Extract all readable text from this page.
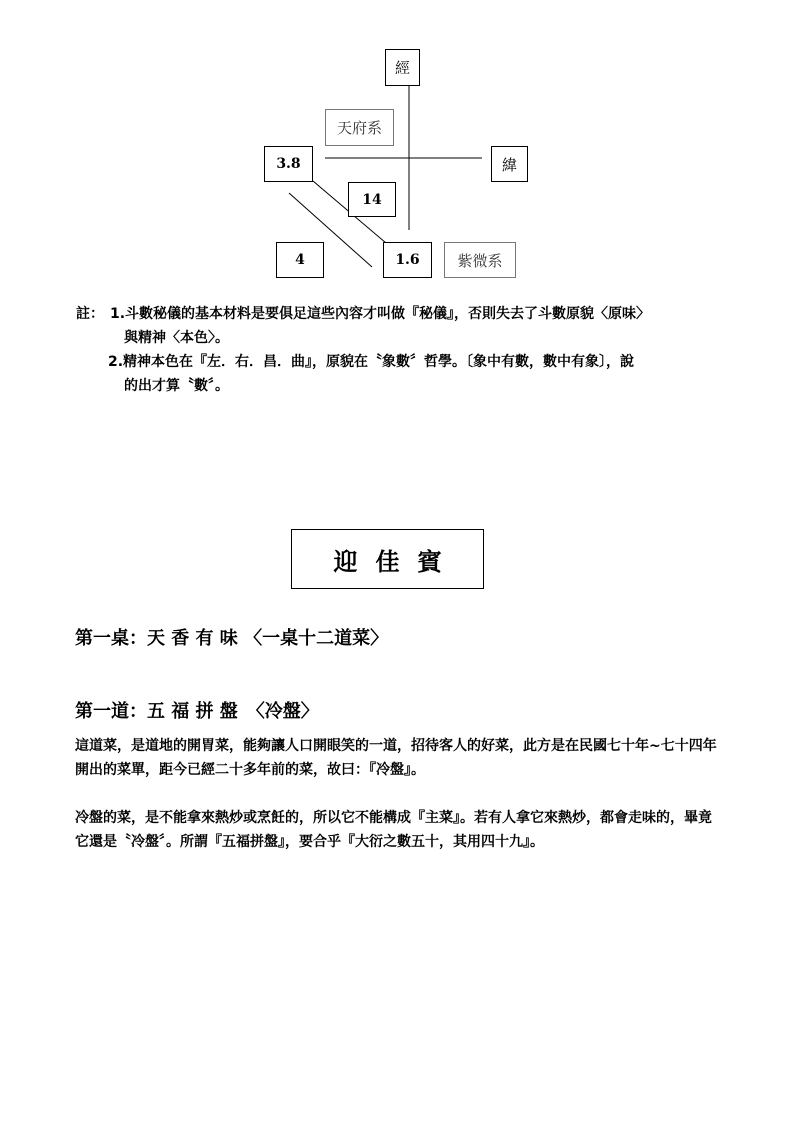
經
天府系
緯
3.8
14
4	1.6	紫微系
註： 1.斗數秘儀的基本材料是要俱足這些內容才叫做『秘儀』，否則失去了斗數原貌〈原味〉
與精神〈本色〉。
2.精神本色在『左．右．昌．曲』，原貌在〝象數〞哲學。〔象中有數，數中有象〕，說
的出才算〝數〞。
迎佳賓
第一桌：天 香 有 味 〈一桌十二道菜〉
第一道：五 福 拼 盤　〈冷盤〉
這道菜，是道地的開胃菜，能夠讓人口開眼笑的一道，招待客人的好菜，此方是在民國七十年~七十四年開出的菜單，距今已經二十多年前的菜，故曰：『冷盤』。
冷盤的菜，是不能拿來熱炒或烹飪的，所以它不能構成『主菜』。若有人拿它來熱炒，都會走味的，畢竟它還是〝冷盤〞。所謂『五福拼盤』，要合乎『大衍之數五十，其用四十九』。
